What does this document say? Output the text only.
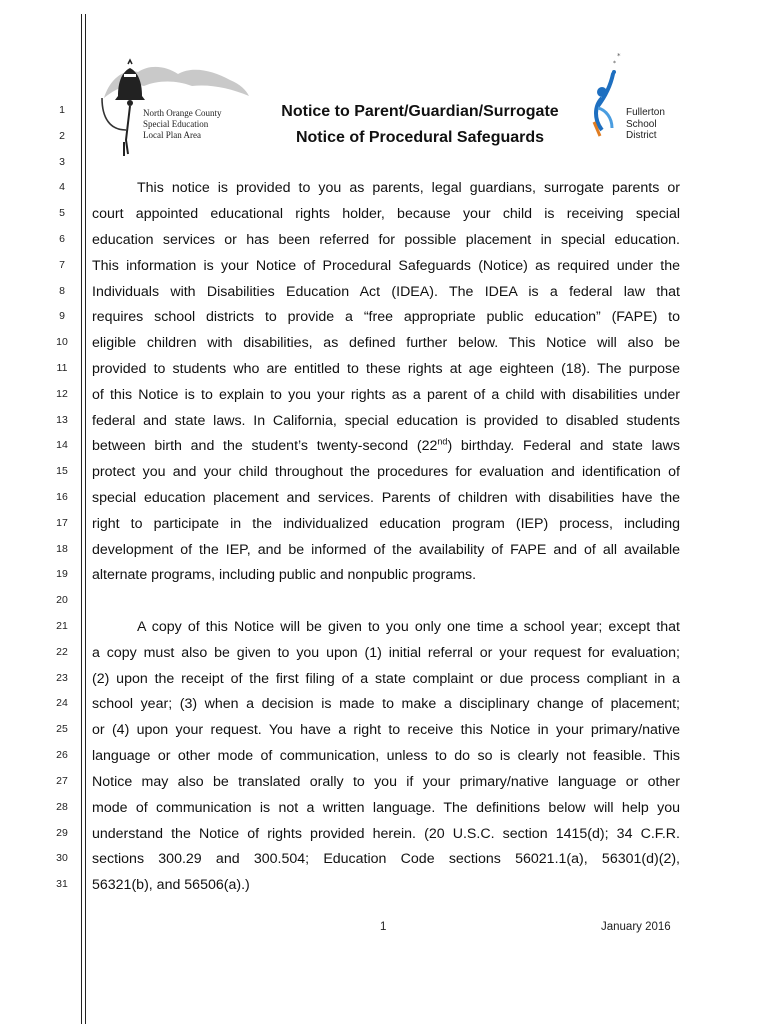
1
2
3
4
5
6
7
8
9
10
11
12
13
14
15
16
17
18
19
20
21
22
23
24
25
26
27
28
29
30
31
North Orange County
Special Education
Local Plan Area
Notice to Parent/Guardian/Surrogate
Notice of Procedural Safeguards
*
*
Fullerton
School
District
This notice is provided to you as parents, legal guardians, surrogate parents or
court appointed educational rights holder, because your child is receiving special
education services or has been referred for possible placement in special education.
This information is your Notice of Procedural Safeguards (Notice) as required under the
Individuals with Disabilities Education Act (IDEA). The IDEA is a federal law that
requires school districts to provide a “free appropriate public education” (FAPE) to
eligible children with disabilities, as defined further below. This Notice will also be
provided to students who are entitled to these rights at age eighteen (18). The purpose
of this Notice is to explain to you your rights as a parent of a child with disabilities under
federal and state laws. In California, special education is provided to disabled students
between birth and the student’s twenty-second (22nd) birthday. Federal and state laws
protect you and your child throughout the procedures for evaluation and identification of
special education placement and services. Parents of children with disabilities have the
right to participate in the individualized education program (IEP) process, including
development of the IEP, and be informed of the availability of FAPE and of all available
alternate programs, including public and nonpublic programs.
A copy of this Notice will be given to you only one time a school year; except that
a copy must also be given to you upon (1) initial referral or your request for evaluation;
(2) upon the receipt of the first filing of a state complaint or due process compliant in a
school year; (3) when a decision is made to make a disciplinary change of placement;
or (4) upon your request. You have a right to receive this Notice in your primary/native
language or other mode of communication, unless to do so is clearly not feasible. This
Notice may also be translated orally to you if your primary/native language or other
mode of communication is not a written language. The definitions below will help you
understand the Notice of rights provided herein. (20 U.S.C. section 1415(d); 34 C.F.R.
sections 300.29 and 300.504; Education Code sections 56021.1(a), 56301(d)(2),
56321(b), and 56506(a).)
1	January 2016
